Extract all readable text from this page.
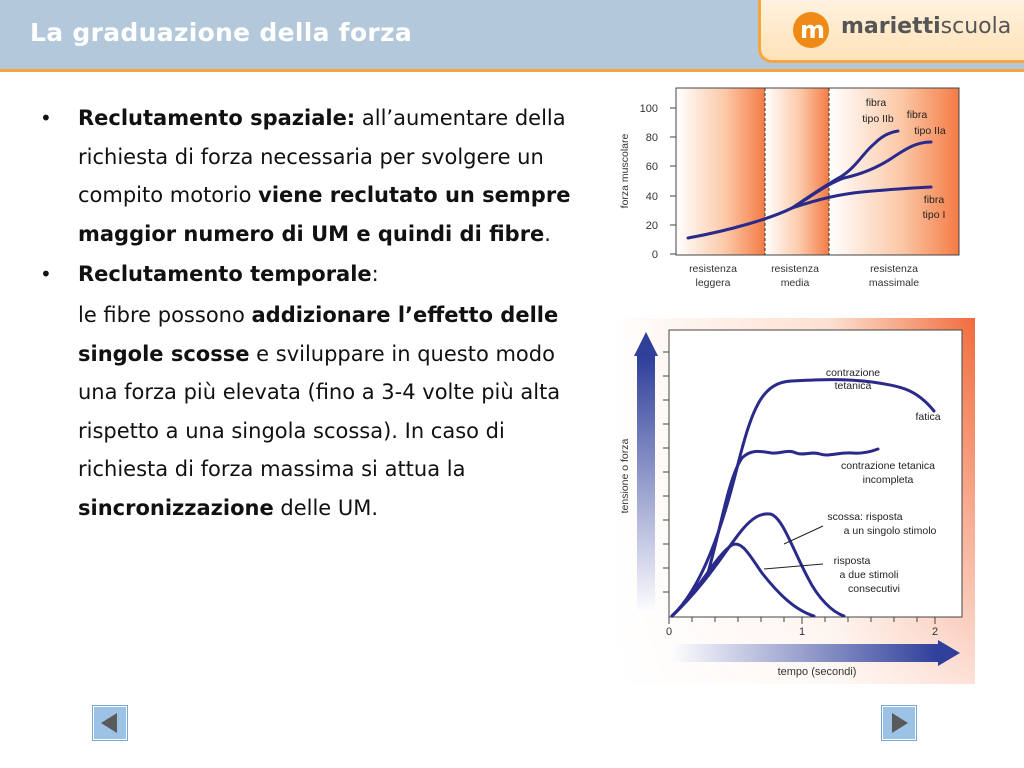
La graduazione della forza	m mariettiscuola
• Reclutamento spaziale: all’aumentare della richiesta di forza necessaria per svolgere un compito motorio viene reclutato un sempre maggior numero di UM e quindi di fibre.
• Reclutamento temporale:
le fibre possono addizionare l’effetto delle singole scosse e sviluppare in questo modo una forza più elevata (fino a 3-4 volte più alta rispetto a una singola scossa). In caso di richiesta di forza massima si attua la sincronizzazione delle UM.
100
80
60
40
20
0
forza muscolare
fibra
tipo IIb fibra
tipo IIa
fibra
tipo I
resistenza
leggera
resistenza
media
resistenza
massimale
tensione o forza
0	1	2
tempo (secondi)
contrazione
tetanica
fatica
contrazione tetanica
incompleta
scossa: risposta
a un singolo stimolo
risposta
a due stimoli
consecutivi
